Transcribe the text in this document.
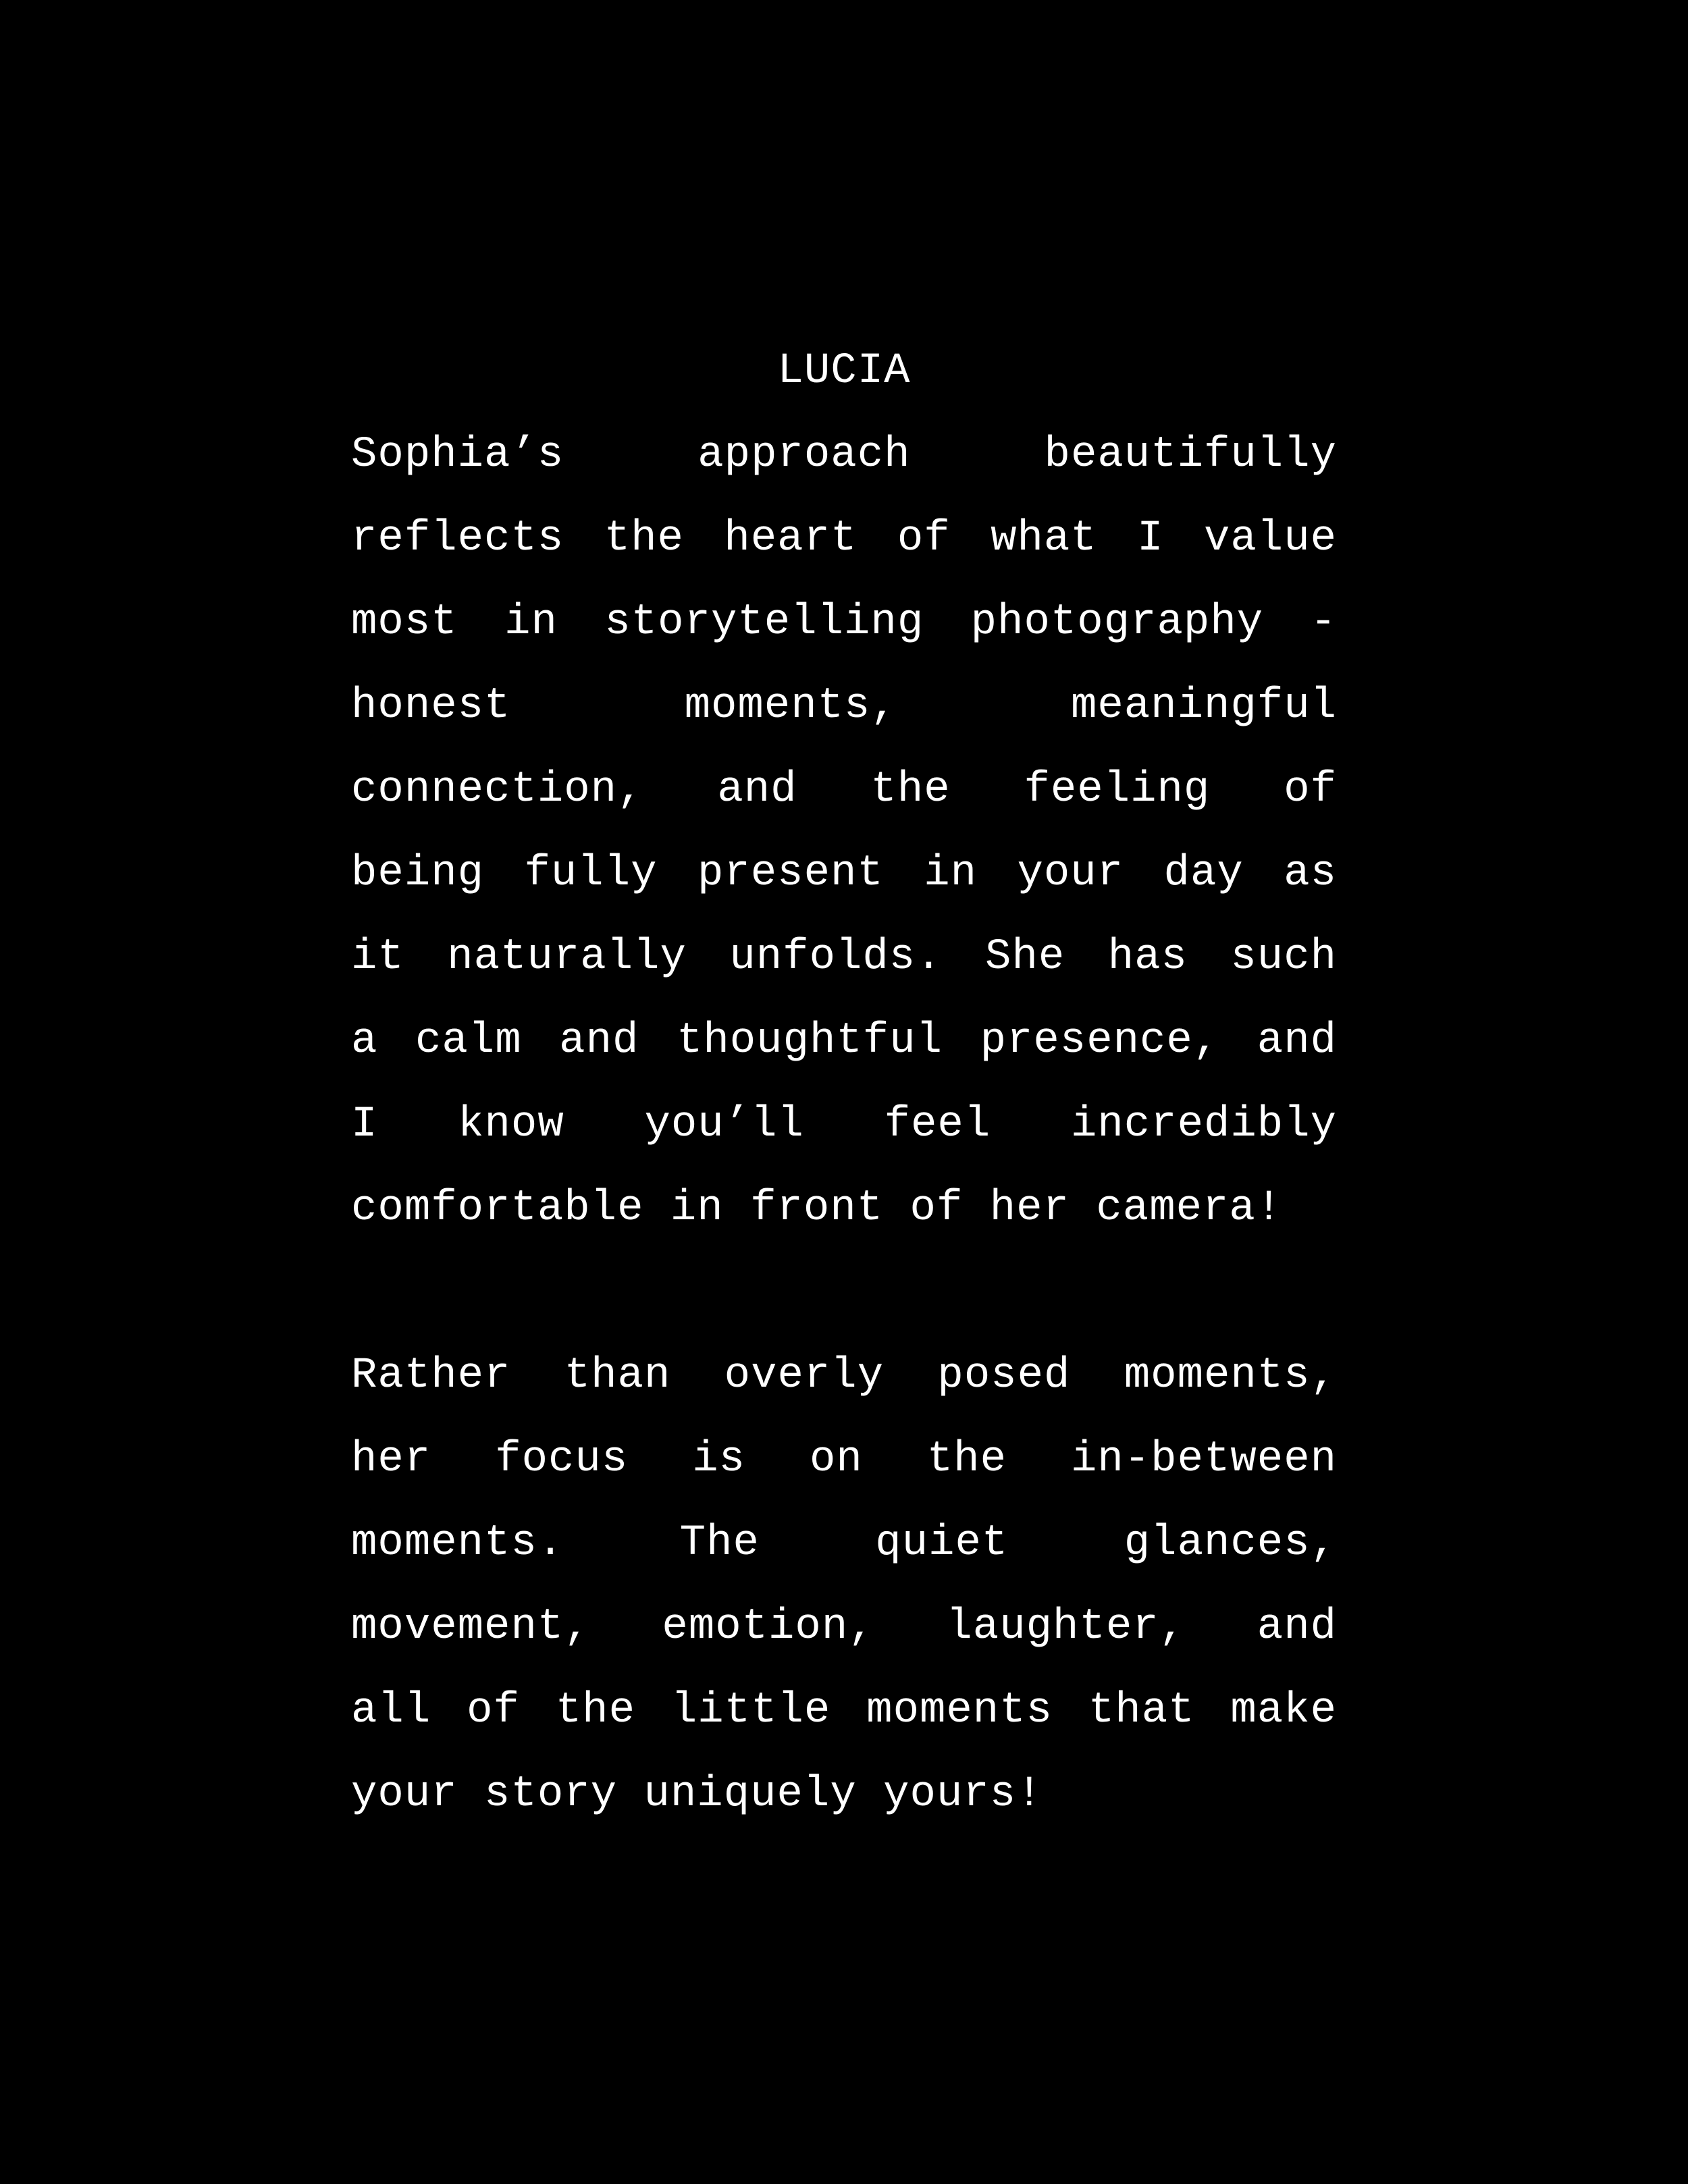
LUCIA
Sophia’s approach beautifully
reflects the heart of what I value
most in storytelling photography -
honest moments, meaningful
connection, and the feeling of
being fully present in your day as
it naturally unfolds. She has such
a calm and thoughtful presence, and
I know you’ll feel incredibly
comfortable in front of her camera!
Rather than overly posed moments,
her focus is on the in-between
moments. The quiet glances,
movement, emotion, laughter, and
all of the little moments that make
your story uniquely yours!
